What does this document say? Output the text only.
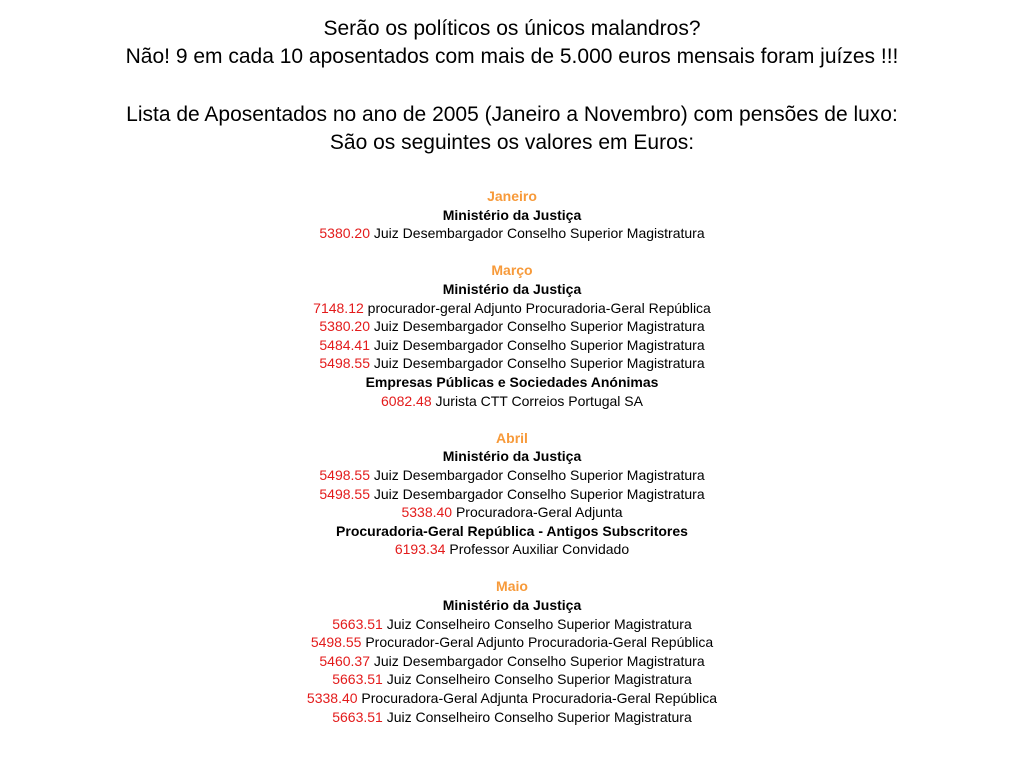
Serão os políticos os únicos malandros?
Não! 9 em cada 10 aposentados com mais de 5.000 euros mensais foram juízes !!!
Lista de Aposentados no ano de 2005 (Janeiro a Novembro) com pensões de luxo:
São os seguintes os valores em Euros:
Janeiro
Ministério da Justiça
5380.20 Juiz Desembargador Conselho Superior Magistratura
Março
Ministério da Justiça
7148.12 procurador-geral Adjunto Procuradoria-Geral República
5380.20 Juiz Desembargador Conselho Superior Magistratura
5484.41 Juiz Desembargador Conselho Superior Magistratura
5498.55 Juiz Desembargador Conselho Superior Magistratura
Empresas Públicas e Sociedades Anónimas
6082.48 Jurista CTT Correios Portugal SA
Abril
Ministério da Justiça
5498.55 Juiz Desembargador Conselho Superior Magistratura
5498.55 Juiz Desembargador Conselho Superior Magistratura
5338.40 Procuradora-Geral Adjunta
Procuradoria-Geral República - Antigos Subscritores
6193.34 Professor Auxiliar Convidado
Maio
Ministério da Justiça
5663.51 Juiz Conselheiro Conselho Superior Magistratura
5498.55 Procurador-Geral Adjunto Procuradoria-Geral República
5460.37 Juiz Desembargador Conselho Superior Magistratura
5663.51 Juiz Conselheiro Conselho Superior Magistratura
5338.40 Procuradora-Geral Adjunta Procuradoria-Geral República
5663.51 Juiz Conselheiro Conselho Superior Magistratura
